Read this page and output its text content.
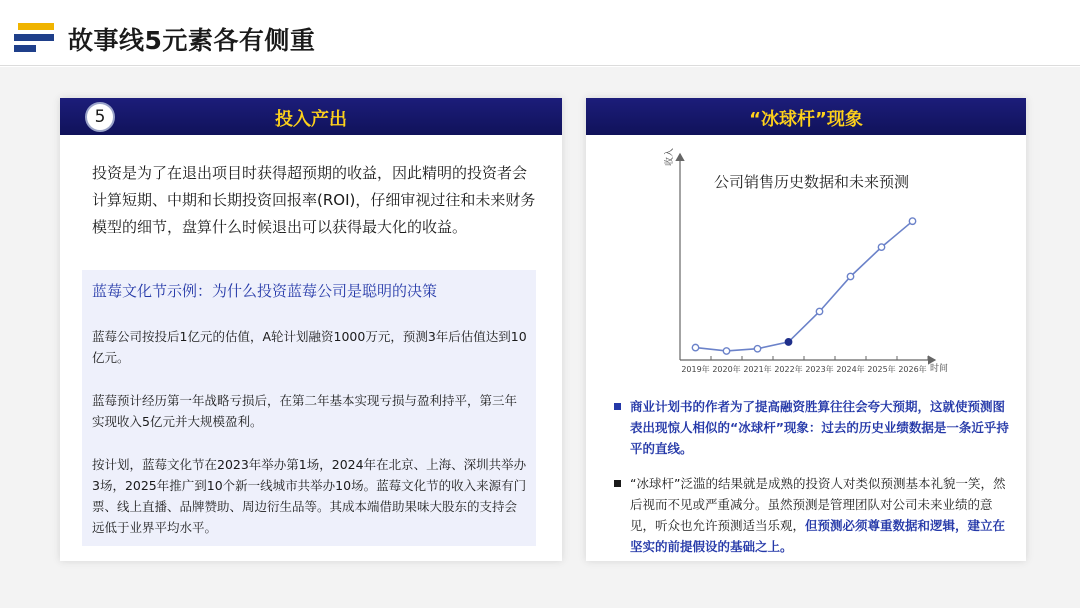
故事线5元素各有侧重
5	投入产出
投资是为了在退出项目时获得超预期的收益，因此精明的投资者会计算短期、中期和长期投资回报率(ROI)，仔细审视过往和未来财务模型的细节，盘算什么时候退出可以获得最大化的收益。
蓝莓文化节示例：为什么投资蓝莓公司是聪明的决策
蓝莓公司按投后1亿元的估值，A轮计划融资1000万元，预测3年后估值达到10亿元。
蓝莓预计经历第一年战略亏损后，在第二年基本实现亏损与盈利持平，第三年实现收入5亿元并大规模盈利。
按计划，蓝莓文化节在2023年举办第1场，2024年在北京、上海、深圳共举办3场，2025年推广到10个新一线城市共举办10场。蓝莓文化节的收入来源有门票、线上直播、品牌赞助、周边衍生品等。其成本端借助果味大股东的支持会远低于业界平均水平。
“冰球杆”现象
公司销售历史数据和未来预测
收入
时间
2019年 2020年 2021年 2022年 2023年 2024年 2025年 2026年
商业计划书的作者为了提高融资胜算往往会夸大预期，这就使预测图表出现惊人相似的“冰球杆”现象：过去的历史业绩数据是一条近乎持平的直线。
“冰球杆”泛滥的结果就是成熟的投资人对类似预测基本礼貌一笑，然后视而不见或严重减分。虽然预测是管理团队对公司未来业绩的意见，听众也允许预测适当乐观，但预测必须尊重数据和逻辑，建立在坚实的前提假设的基础之上。
